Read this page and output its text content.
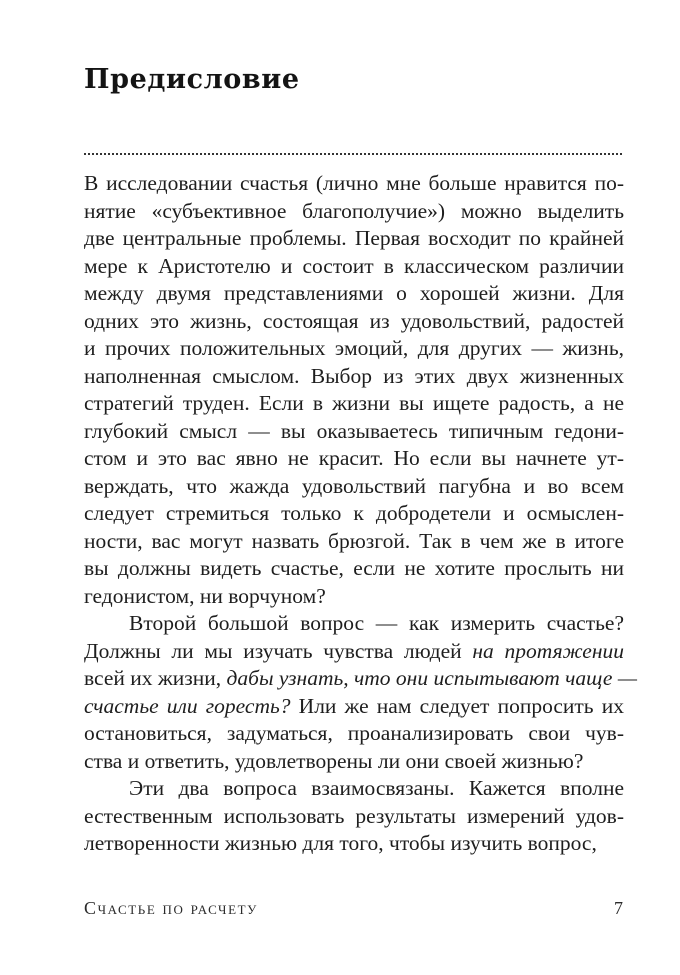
Предисловие
В исследовании счастья (лично мне больше нравится по-
нятие «субъективное благополучие») можно выделить
две центральные проблемы. Первая восходит по крайней
мере к Аристотелю и состоит в классическом различии
между двумя представлениями о хорошей жизни. Для
одних это жизнь, состоящая из удовольствий, радостей
и прочих положительных эмоций, для других — жизнь,
наполненная смыслом. Выбор из этих двух жизненных
стратегий труден. Если в жизни вы ищете радость, а не
глубокий смысл — вы оказываетесь типичным гедони-
стом и это вас явно не красит. Но если вы начнете ут-
верждать, что жажда удовольствий пагубна и во всем
следует стремиться только к добродетели и осмыслен-
ности, вас могут назвать брюзгой. Так в чем же в итоге
вы должны видеть счастье, если не хотите прослыть ни
гедонистом, ни ворчуном?
Второй большой вопрос — как измерить счастье?
Должны ли мы изучать чувства людей на протяжении
всей их жизни, дабы узнать, что они испытывают чаще —
счастье или горесть? Или же нам следует попросить их
остановиться, задуматься, проанализировать свои чув-
ства и ответить, удовлетворены ли они своей жизнью?
Эти два вопроса взаимосвязаны. Кажется вполне
естественным использовать результаты измерений удов-
летворенности жизнью для того, чтобы изучить вопрос,
Счастье по расчету	7
